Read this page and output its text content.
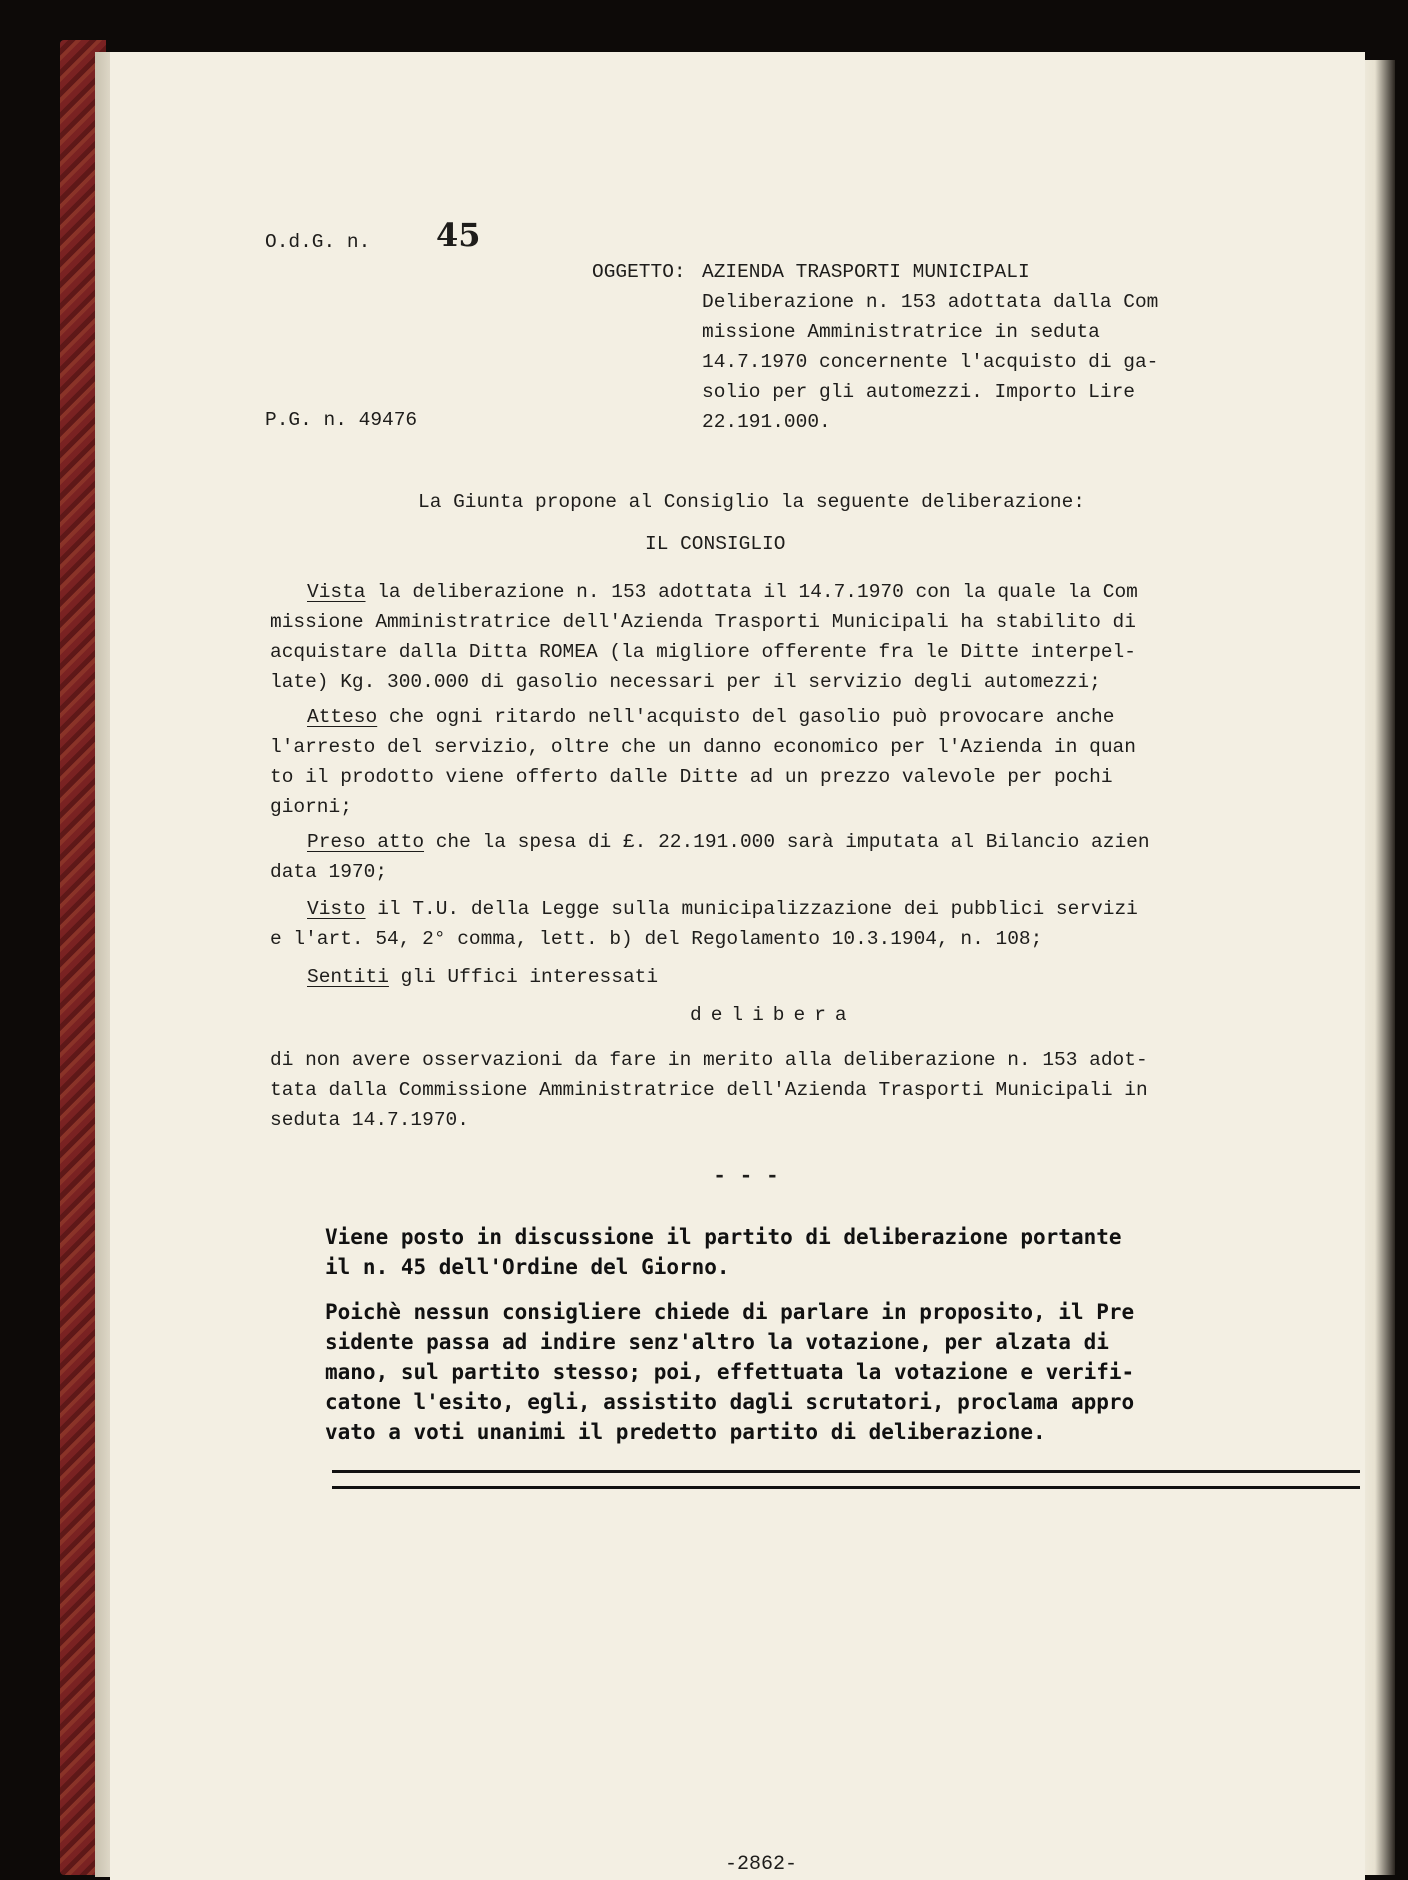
O.d.G. n. 45
P.G. n. 49476
OGGETTO: AZIENDA TRASPORTI MUNICIPALI
Deliberazione n. 153 adottata dalla Com
missione Amministratrice in seduta
14.7.1970 concernente l'acquisto di ga-
solio per gli automezzi. Importo Lire
22.191.000.
La Giunta propone al Consiglio la seguente deliberazione:
IL CONSIGLIO
Vista la deliberazione n. 153 adottata il 14.7.1970 con la quale la Com
missione Amministratrice dell'Azienda Trasporti Municipali ha stabilito di
acquistare dalla Ditta ROMEA (la migliore offerente fra le Ditte interpel-
late) Kg. 300.000 di gasolio necessari per il servizio degli automezzi;
Atteso che ogni ritardo nell'acquisto del gasolio può provocare anche
l'arresto del servizio, oltre che un danno economico per l'Azienda in quan
to il prodotto viene offerto dalle Ditte ad un prezzo valevole per pochi
giorni;
Preso atto che la spesa di £. 22.191.000 sarà imputata al Bilancio azien
data 1970;
Visto il T.U. della Legge sulla municipalizzazione dei pubblici servizi
e l'art. 54, 2° comma, lett. b) del Regolamento 10.3.1904, n. 108;
Sentiti gli Uffici interessati
delibera
di non avere osservazioni da fare in merito alla deliberazione n. 153 adot-
tata dalla Commissione Amministratrice dell'Azienda Trasporti Municipali in
seduta 14.7.1970.
- - -
Viene posto in discussione il partito di deliberazione portante
il n. 45 dell'Ordine del Giorno.
Poichè nessun consigliere chiede di parlare in proposito, il Pre
sidente passa ad indire senz'altro la votazione, per alzata di
mano, sul partito stesso; poi, effettuata la votazione e verifi-
catone l'esito, egli, assistito dagli scrutatori, proclama appro
vato a voti unanimi il predetto partito di deliberazione.
-2862-
